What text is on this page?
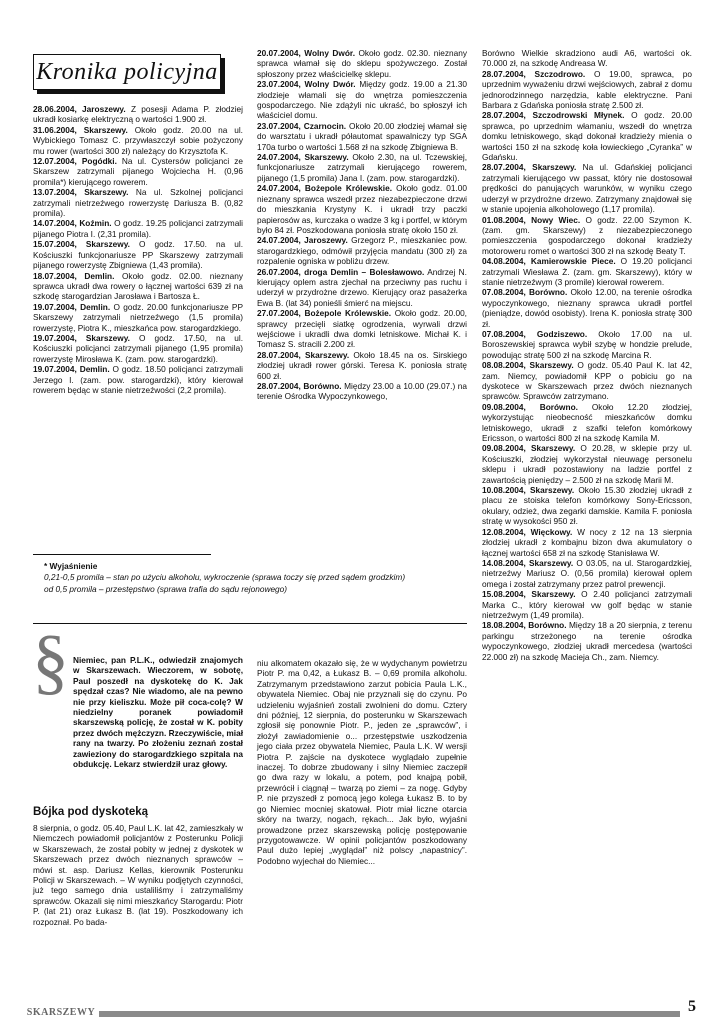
Kronika policyjna

28.06.2004, Jaroszewy. Z posesji Adama P. złodziej ukradł kosiarkę elektryczną o wartości 1.900 zł.

31.06.2004, Skarszewy. Około godz. 20.00 na ul. Wybickiego Tomasz C. przywłaszczył sobie pożyczony mu rower (wartości 300 zł) należący do Krzysztofa K.

12.07.2004, Pogódki. Na ul. Cystersów policjanci ze Skarszew zatrzymali pijanego Wojciecha H. (0,96 promila*) kierującego rowerem.

13.07.2004, Skarszewy. Na ul. Szkolnej policjanci zatrzymali nietrzeźwego rowerzystę Dariusza B. (0,82 promila).

14.07.2004, Koźmin. O godz. 19.25 policjanci zatrzymali pijanego Piotra I. (2,31 promila).

15.07.2004, Skarszewy. O godz. 17.50. na ul. Kościuszki funkcjonariusze PP Skarszewy zatrzymali pijanego rowerzystę Zbigniewa (1,43 promila).

18.07.2004, Demlin. Około godz. 02.00. nieznany sprawca ukradł dwa rowery o łącznej wartości 639 zł na szkodę starogardzian Jarosława i Bartosza Ł.

19.07.2004, Demlin. O godz. 20.00 funkcjonariusze PP Skarszewy zatrzymali nietrzeźwego (1,5 promila) rowerzystę, Piotra K., mieszkańca pow. starogardzkiego.

19.07.2004, Skarszewy. O godz. 17.50, na ul. Kościuszki policjanci zatrzymali pijanego (1,95 promila) rowerzystę Mirosława K. (zam. pow. starogardzki).

19.07.2004, Demlin. O godz. 18.50 policjanci zatrzymali Jerzego I. (zam. pow. starogardzki), który kierował rowerem będąc w stanie nietrzeźwości (2,2 promila).

20.07.2004, Wolny Dwór. Około godz. 02.30. nieznany sprawca włamał się do sklepu spożywczego. Został spłoszony przez właścicielkę sklepu.

23.07.2004, Wolny Dwór. Między godz. 19.00 a 21.30 złodzieje włamali się do wnętrza pomieszczenia gospodarczego. Nie zdążyli nic ukraść, bo spłoszył ich właściciel domu.

23.07.2004, Czarnocin. Około 20.00 złodziej włamał się do warsztatu i ukradł półautomat spawalniczy typ SGA 170a turbo o wartości 1.568 zł na szkodę Zbigniewa B.

24.07.2004, Skarszewy. Około 2.30, na ul. Tczewskiej, funkcjonariusze zatrzymali kierującego rowerem, pijanego (1,5 promila) Jana I. (zam. pow. starogardzki).

24.07.2004, Bożepole Królewskie. Około godz. 01.00 nieznany sprawca wszedł przez niezabezpieczone drzwi do mieszkania Krystyny K. i ukradł trzy paczki papierosów as, kurczaka o wadze 3 kg i portfel, w którym było 84 zł. Poszkodowana poniosła stratę około 150 zł.

24.07.2004, Jaroszewy. Grzegorz P., mieszkaniec pow. starogardzkiego, odmówił przyjęcia mandatu (300 zł) za rozpalenie ogniska w pobliżu drzew.

26.07.2004, droga Demlin – Bolesławowo. Andrzej N. kierujący oplem astra zjechał na przeciwny pas ruchu i uderzył w przydrożne drzewo. Kierujący oraz pasażerka Ewa B. (lat 34) ponieśli śmierć na miejscu.

27.07.2004, Bożepole Królewskie. Około godz. 20.00, sprawcy przecięli siatkę ogrodzenia, wyrwali drzwi wejściowe i ukradli dwa domki letniskowe. Michał K. i Tomasz S. stracili 2.200 zł.

28.07.2004, Skarszewy. Około 18.45 na os. Sirskiego złodziej ukradł rower górski. Teresa K. poniosła stratę 600 zł.

28.07.2004, Borówno. Między 23.00 a 10.00 (29.07.) na terenie Ośrodka Wypoczynkowego,

Borówno Wielkie skradziono audi A6, wartości ok. 70.000 zł, na szkodę Andreasa W.

28.07.2004, Szczodrowo. O 19.00, sprawca, po uprzednim wyważeniu drzwi wejściowych, zabrał z domu jednorodzinnego narzędzia, kable elektryczne. Pani Barbara z Gdańska poniosła stratę 2.500 zł.

28.07.2004, Szczodrowski Młynek. O godz. 20.00 sprawca, po uprzednim włamaniu, wszedł do wnętrza domku letniskowego, skąd dokonał kradzieży mienia o wartości 150 zł na szkodę koła łowieckiego „Cyranka” w Gdańsku.

28.07.2004, Skarszewy. Na ul. Gdańskiej policjanci zatrzymali kierującego vw passat, który nie dostosował prędkości do panujących warunków, w wyniku czego uderzył w przydrożne drzewo. Zatrzymany znajdował się w stanie upojenia alkoholowego (1,17 promila).

01.08.2004, Nowy Wiec. O godz. 22.00 Szymon K. (zam. gm. Skarszewy) z niezabezpieczonego pomieszczenia gospodarczego dokonał kradzieży motoroweru romet o wartości 300 zł na szkodę Beaty T.

04.08.2004, Kamierowskie Piece. O 19.20 policjanci zatrzymali Wiesława Ż. (zam. gm. Skarszewy), który w stanie nietrzeźwym (3 promile) kierował rowerem.

07.08.2004, Borówno. Około 12.00, na terenie ośrodka wypoczynkowego, nieznany sprawca ukradł portfel (pieniądze, dowód osobisty). Irena K. poniosła stratę 300 zł.

07.08.2004, Godziszewo. Około 17.00 na ul. Boroszewskiej sprawca wybił szybę w hondzie prelude, powodując stratę 500 zł na szkodę Marcina R.

08.08.2004, Skarszewy. O godz. 05.40 Paul K. lat 42, zam. Niemcy, powiadomił KPP o pobiciu go na dyskotece w Skarszewach przez dwóch nieznanych sprawców. Sprawców zatrzymano.

09.08.2004, Borówno. Około 12.20 złodziej, wykorzystując nieobecność mieszkańców domku letniskowego, ukradł z szafki telefon komórkowy Ericsson, o wartości 800 zł na szkodę Kamila M.

09.08.2004, Skarszewy. O 20.28, w sklepie przy ul. Kościuszki, złodziej wykorzystał nieuwagę personelu sklepu i ukradł pozostawiony na ladzie portfel z zawartością pieniędzy – 2.500 zł na szkodę Marii M.

10.08.2004, Skarszewy. Około 15.30 złodziej ukradł z placu ze stoiska telefon komórkowy Sony-Ericsson, okulary, odzież, dwa zegarki damskie. Kamila F. poniosła stratę w wysokości 950 zł.

12.08.2004, Więckowy. W nocy z 12 na 13 sierpnia złodziej ukradł z kombajnu bizon dwa akumulatory o łącznej wartości 658 zł na szkodę Stanisława W.

14.08.2004, Skarszewy. O 03.05, na ul. Starogardzkiej, nietrzeźwy Mariusz O. (0,56 promila) kierował oplem omega i został zatrzymany przez patrol prewencji.

15.08.2004, Skarszewy. O 2.40 policjanci zatrzymali Marka C., który kierował vw golf będąc w stanie nietrzeźwym (1,49 promila).

18.08.2004, Borówno. Między 18 a 20 sierpnia, z terenu parkingu strzeżonego na terenie ośrodka wypoczynkowego, złodziej ukradł mercedesa (wartości 22.000 zł) na szkodę Macieja Ch., zam. Niemcy.

* Wyjaśnienie
0,21-0,5 promila – stan po użyciu alkoholu, wykroczenie (sprawa toczy się przed sądem grodzkim)
od 0,5 promila – przestępstwo (sprawa trafia do sądu rejonowego)
§ Niemiec, pan P.L.K., odwiedził znajomych w Skarszewach. Wieczorem, w sobotę, Paul poszedł na dyskotekę do K. Jak spędzał czas? Nie wiadomo, ale na pewno nie przy kieliszku. Może pił coca-colę? W niedzielny poranek powiadomił skarszewską policję, że został w K. pobity przez dwóch mężczyzn. Rzeczywiście, miał rany na twarzy. Po złożeniu zeznań został zawieziony do starogardzkiego szpitala na obdukcję. Lekarz stwierdził uraz głowy.

Bójka pod dyskoteką

8 sierpnia, o godz. 05.40, Paul L.K. lat 42, zamieszkały w Niemczech powiadomił policjantów z Posterunku Policji w Skarszewach, że został pobity w jednej z dyskotek w Skarszewach przez dwóch nieznanych sprawców – mówi st. asp. Dariusz Kellas, kierownik Posterunku Policji w Skarszewach. – W wyniku podjętych czynności, już tego samego dnia ustaliliśmy i zatrzymaliśmy sprawców. Okazali się nimi mieszkańcy Starogardu: Piotr P. (lat 21) oraz Łukasz B. (lat 19). Poszkodowany ich rozpoznał. Po bada-

niu alkomatem okazało się, że w wydychanym powietrzu Piotr P. ma 0,42, a Łukasz B. – 0,69 promila alkoholu. Zatrzymanym przedstawiono zarzut pobicia Paula L.K., obywatela Niemiec. Obaj nie przyznali się do czynu. Po udzieleniu wyjaśnień zostali zwolnieni do domu. Cztery dni później, 12 sierpnia, do posterunku w Skarszewach zgłosił się ponownie Piotr. P., jeden ze „sprawców”, i złożył zawiadomienie o... przestępstwie uszkodzenia jego ciała przez obywatela Niemiec, Paula L.K. W wersji Piotra P. zajście na dyskotece wyglądało zupełnie inaczej. To dobrze zbudowany i silny Niemiec zaczepił go dwa razy w lokalu, a potem, pod knajpą pobił, przewrócił i ciągnął – twarzą po ziemi – za nogę. Gdyby P. nie przyszedł z pomocą jego kolega Łukasz B. to by go Niemiec mocniej skatował. Piotr miał liczne otarcia skóry na twarzy, nogach, rękach... Jak było, wyjaśni prowadzone przez skarszewską policję postępowanie przygotowawcze. W opinii policjantów poszkodowany Paul dużo lepiej „wyglądał” niż polscy „napastnicy”. Podobno wyjechał do Niemiec...

SKARSZEWY	5
